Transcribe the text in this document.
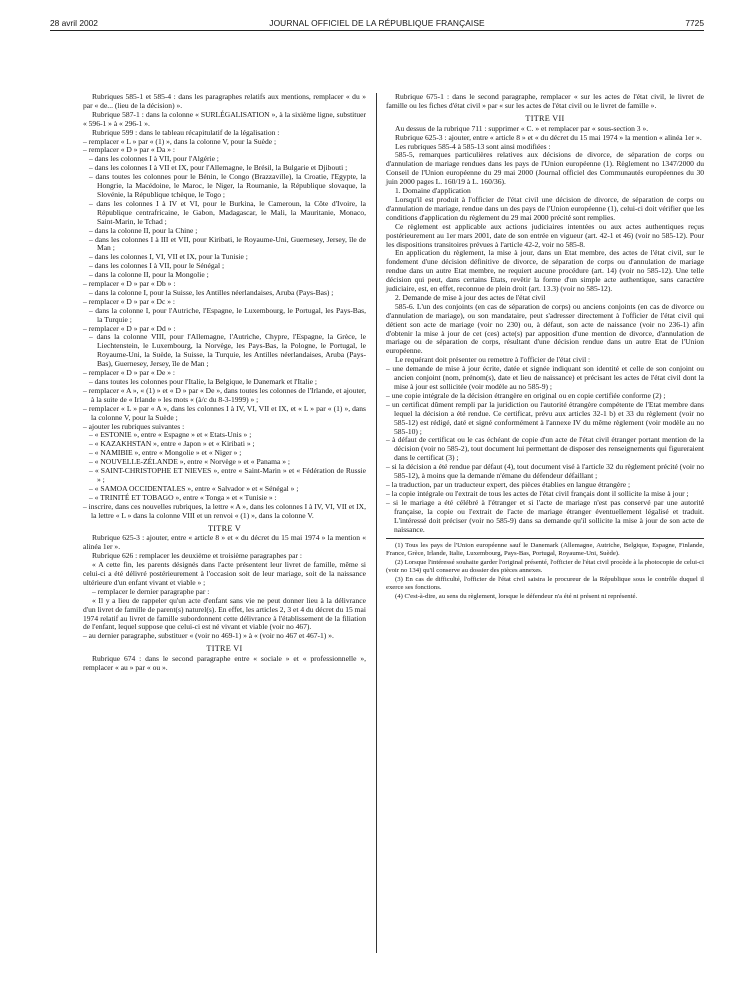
28 avril 2002	JOURNAL OFFICIEL DE LA RÉPUBLIQUE FRANÇAISE	7725

Rubriques 585-1 et 585-4 : dans les paragraphes relatifs aux mentions, remplacer « du » par « de... (lieu de la décision) ».

Rubrique 587-1 : dans la colonne « SURLÉGALISATION », à la sixième ligne, substituer « 596-1 » à « 296-1 ».

Rubrique 599 : dans le tableau récapitulatif de la légalisation :

– remplacer « L » par « (1) », dans la colonne V, pour la Suède ;

– remplacer « D » par « Da » :

– dans les colonnes I à VII, pour l'Algérie ;

– dans les colonnes I à VII et IX, pour l'Allemagne, le Brésil, la Bulgarie et Djibouti ;

– dans toutes les colonnes pour le Bénin, le Congo (Brazzaville), la Croatie, l'Egypte, la Hongrie, la Macédoine, le Maroc, le Niger, la Roumanie, la République slovaque, la Slovénie, la République tchèque, le Togo ;

– dans les colonnes I à IV et VI, pour le Burkina, le Cameroun, la Côte d'Ivoire, la République centrafricaine, le Gabon, Madagascar, le Mali, la Mauritanie, Monaco, Saint-Marin, le Tchad ;

– dans la colonne II, pour la Chine ;

– dans les colonnes I à III et VII, pour Kiribati, le Royaume-Uni, Guernesey, Jersey, île de Man ;

– dans les colonnes I, VI, VII et IX, pour la Tunisie ;

– dans les colonnes I à VII, pour le Sénégal ;

– dans la colonne II, pour la Mongolie ;

– remplacer « D » par « Db » :

– dans la colonne I, pour la Suisse, les Antilles néerlandaises, Aruba (Pays-Bas) ;

– remplacer « D » par « Dc » :

– dans la colonne I, pour l'Autriche, l'Espagne, le Luxembourg, le Portugal, les Pays-Bas, la Turquie ;

– remplacer « D » par « Dd » :

– dans la colonne VIII, pour l'Allemagne, l'Autriche, Chypre, l'Espagne, la Grèce, le Liechtenstein, le Luxembourg, la Norvège, les Pays-Bas, la Pologne, le Portugal, le Royaume-Uni, la Suède, la Suisse, la Turquie, les Antilles néerlandaises, Aruba (Pays-Bas), Guernesey, Jersey, île de Man ;

– remplacer « D » par « De » :

– dans toutes les colonnes pour l'Italie, la Belgique, le Danemark et l'Italie ;

– remplacer « A », « (1) » et « D » par « De », dans toutes les colonnes de l'Irlande, et ajouter, à la suite de « Irlande » les mots « (à/c du 8-3-1999) » ;

– remplacer « L » par « A », dans les colonnes I à IV, VI, VII et IX, et « L » par « (1) », dans la colonne V, pour la Suède ;

– ajouter les rubriques suivantes :

– « ESTONIE », entre « Espagne » et « Etats-Unis » ;

– « KAZAKHSTAN », entre « Japon » et « Kiribati » ;

– « NAMIBIE », entre « Mongolie » et « Niger » ;

– « NOUVELLE-ZÉLANDE », entre « Norvège » et « Panama » ;

– « SAINT-CHRISTOPHE ET NIEVES », entre « Saint-Marin » et « Fédération de Russie » ;

– « SAMOA OCCIDENTALES », entre « Salvador » et « Sénégal » ;

– « TRINITÉ ET TOBAGO », entre « Tonga » et « Tunisie » :

– inscrire, dans ces nouvelles rubriques, la lettre « A », dans les colonnes I à IV, VI, VII et IX, la lettre « L » dans la colonne VIII et un renvoi « (1) », dans la colonne V.

TITRE V

Rubrique 625-3 : ajouter, entre « article 8 » et « du décret du 15 mai 1974 » la mention « alinéa 1er ».

Rubrique 626 : remplacer les deuxième et troisième paragraphes par :

« A cette fin, les parents désignés dans l'acte présentent leur livret de famille, même si celui-ci a été délivré postérieurement à l'occasion soit de leur mariage, soit de la naissance ultérieure d'un enfant vivant et viable » ;

– remplacer le dernier paragraphe par :

« Il y a lieu de rappeler qu'un acte d'enfant sans vie ne peut donner lieu à la délivrance d'un livret de famille de parent(s) naturel(s). En effet, les articles 2, 3 et 4 du décret du 15 mai 1974 relatif au livret de famille subordonnent cette délivrance à l'établissement de la filiation de l'enfant, lequel suppose que celui-ci est né vivant et viable (voir no 467).

– au dernier paragraphe, substituer « (voir no 469-1) » à « (voir no 467 et 467-1) ».

TITRE VI

Rubrique 674 : dans le second paragraphe entre « sociale » et « professionnelle », remplacer « au » par « ou ».

Rubrique 675-1 : dans le second paragraphe, remplacer « sur les actes de l'état civil, le livret de famille ou les fiches d'état civil » par « sur les actes de l'état civil ou le livret de famille ».

TITRE VII

Au dessus de la rubrique 711 : supprimer « C. » et remplacer par « sous-section 3 ».

Rubrique 625-3 : ajouter, entre « article 8 » et « du décret du 15 mai 1974 » la mention « alinéa 1er ».

Les rubriques 585-4 à 585-13 sont ainsi modifiées :

585-5, remarques particulières relatives aux décisions de divorce, de séparation de corps ou d'annulation de mariage rendues dans les pays de l'Union européenne (1). Règlement no 1347/2000 du Conseil de l'Union européenne du 29 mai 2000 (Journal officiel des Communautés européennes du 30 juin 2000 pages L. 160/19 à L. 160/36).

1. Domaine d'application

Lorsqu'il est produit à l'officier de l'état civil une décision de divorce, de séparation de corps ou d'annulation de mariage, rendue dans un des pays de l'Union européenne (1), celui-ci doit vérifier que les conditions d'application du règlement du 29 mai 2000 précité sont remplies.

Ce règlement est applicable aux actions judiciaires intentées ou aux actes authentiques reçus postérieurement au 1er mars 2001, date de son entrée en vigueur (art. 42-1 et 46) (voir no 585-12). Pour les dispositions transitoires prévues à l'article 42-2, voir no 585-8.

En application du règlement, la mise à jour, dans un Etat membre, des actes de l'état civil, sur le fondement d'une décision définitive de divorce, de séparation de corps ou d'annulation de mariage rendue dans un autre Etat membre, ne requiert aucune procédure (art. 14) (voir no 585-12). Une telle décision qui peut, dans certains Etats, revêtir la forme d'un simple acte authentique, sans caractère judiciaire, est, en effet, reconnue de plein droit (art. 13.3) (voir no 585-12).

2. Demande de mise à jour des actes de l'état civil

585-6. L'un des conjoints (en cas de séparation de corps) ou anciens conjoints (en cas de divorce ou d'annulation de mariage), ou son mandataire, peut s'adresser directement à l'officier de l'état civil qui détient son acte de mariage (voir no 230) ou, à défaut, son acte de naissance (voir no 236-1) afin d'obtenir la mise à jour de cet (ces) acte(s) par apposition d'une mention de divorce, d'annulation de mariage ou de séparation de corps, résultant d'une décision rendue dans un autre Etat de l'Union européenne.

Le requérant doit présenter ou remettre à l'officier de l'état civil :

– une demande de mise à jour écrite, datée et signée indiquant son identité et celle de son conjoint ou ancien conjoint (nom, prénom(s), date et lieu de naissance) et précisant les actes de l'état civil dont la mise à jour est sollicitée (voir modèle au no 585-9) ;

– une copie intégrale de la décision étrangère en original ou en copie certifiée conforme (2) ;

– un certificat dûment rempli par la juridiction ou l'autorité étrangère compétente de l'Etat membre dans lequel la décision a été rendue. Ce certificat, prévu aux articles 32-1 b) et 33 du règlement (voir no 585-12) est rédigé, daté et signé conformément à l'annexe IV du même règlement (voir modèle au no 585-10) ;

– à défaut de certificat ou le cas échéant de copie d'un acte de l'état civil étranger portant mention de la décision (voir no 585-2), tout document lui permettant de disposer des renseignements qui figureraient dans le certificat (3) ;

– si la décision a été rendue par défaut (4), tout document visé à l'article 32 du règlement précité (voir no 585-12), à moins que la demande n'émane du défendeur défaillant ;

– la traduction, par un traducteur expert, des pièces établies en langue étrangère ;

– la copie intégrale ou l'extrait de tous les actes de l'état civil français dont il sollicite la mise à jour ;

– si le mariage a été célébré à l'étranger et si l'acte de mariage n'est pas conservé par une autorité française, la copie ou l'extrait de l'acte de mariage étranger éventuellement légalisé et traduit. L'intéressé doit préciser (voir no 585-9) dans sa demande qu'il sollicite la mise à jour de son acte de naissance.

(1) Tous les pays de l'Union européenne sauf le Danemark (Allemagne, Autriche, Belgique, Espagne, Finlande, France, Grèce, Irlande, Italie, Luxembourg, Pays-Bas, Portugal, Royaume-Uni, Suède).

(2) Lorsque l'intéressé souhaite garder l'original présenté, l'officier de l'état civil procède à la photocopie de celui-ci (voir no 134) qu'il conserve au dossier des pièces annexes.

(3) En cas de difficulté, l'officier de l'état civil saisira le procureur de la République sous le contrôle duquel il exerce ses fonctions.

(4) C'est-à-dire, au sens du règlement, lorsque le défendeur n'a été ni présent ni représenté.
